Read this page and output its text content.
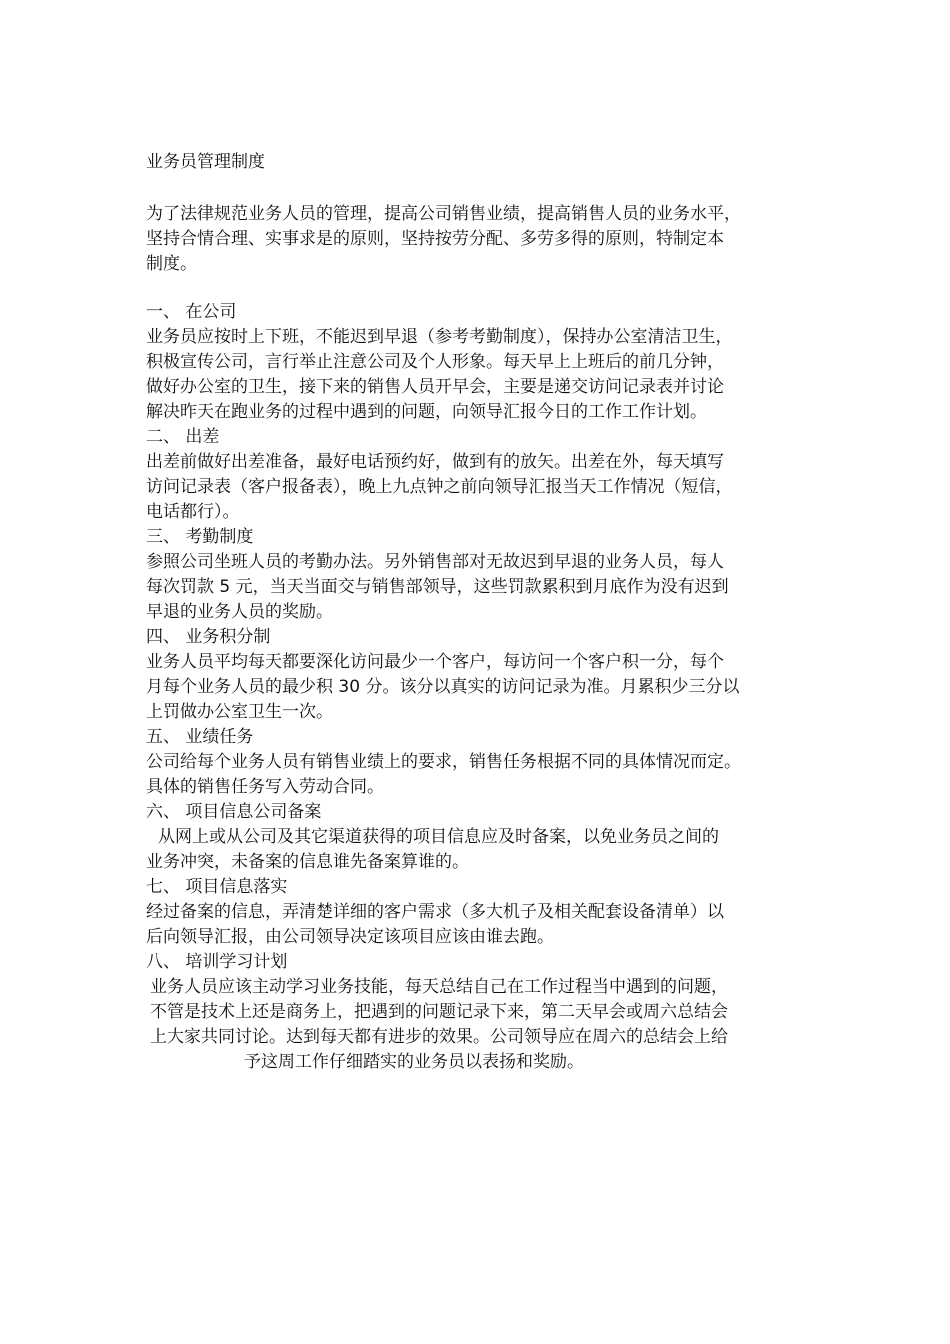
业务员管理制度
为了法律规范业务人员的管理，提高公司销售业绩，提高销售人员的业务水平，
坚持合情合理、实事求是的原则，坚持按劳分配、多劳多得的原则，特制定本
制度。
一、 在公司
业务员应按时上下班，不能迟到早退（参考考勤制度），保持办公室清洁卫生，
积极宣传公司，言行举止注意公司及个人形象。每天早上上班后的前几分钟，
做好办公室的卫生，接下来的销售人员开早会，主要是递交访问记录表并讨论
解决昨天在跑业务的过程中遇到的问题，向领导汇报今日的工作工作计划。
二、 出差
出差前做好出差准备，最好电话预约好，做到有的放矢。出差在外，每天填写
访问记录表（客户报备表），晚上九点钟之前向领导汇报当天工作情况（短信，
电话都行）。
三、 考勤制度
参照公司坐班人员的考勤办法。另外销售部对无故迟到早退的业务人员，每人
每次罚款 5 元，当天当面交与销售部领导，这些罚款累积到月底作为没有迟到
早退的业务人员的奖励。
四、 业务积分制
业务人员平均每天都要深化访问最少一个客户，每访问一个客户积一分，每个
月每个业务人员的最少积 30 分。该分以真实的访问记录为准。月累积少三分以
上罚做办公室卫生一次。
五、 业绩任务
公司给每个业务人员有销售业绩上的要求，销售任务根据不同的具体情况而定。
具体的销售任务写入劳动合同。
六、 项目信息公司备案
从网上或从公司及其它渠道获得的项目信息应及时备案，以免业务员之间的
业务冲突，未备案的信息谁先备案算谁的。
七、 项目信息落实
经过备案的信息，弄清楚详细的客户需求（多大机子及相关配套设备清单）以
后向领导汇报，由公司领导决定该项目应该由谁去跑。
八、 培训学习计划
业务人员应该主动学习业务技能，每天总结自己在工作过程当中遇到的问题，
不管是技术上还是商务上，把遇到的问题记录下来，第二天早会或周六总结会
上大家共同讨论。达到每天都有进步的效果。公司领导应在周六的总结会上给
予这周工作仔细踏实的业务员以表扬和奖励。
